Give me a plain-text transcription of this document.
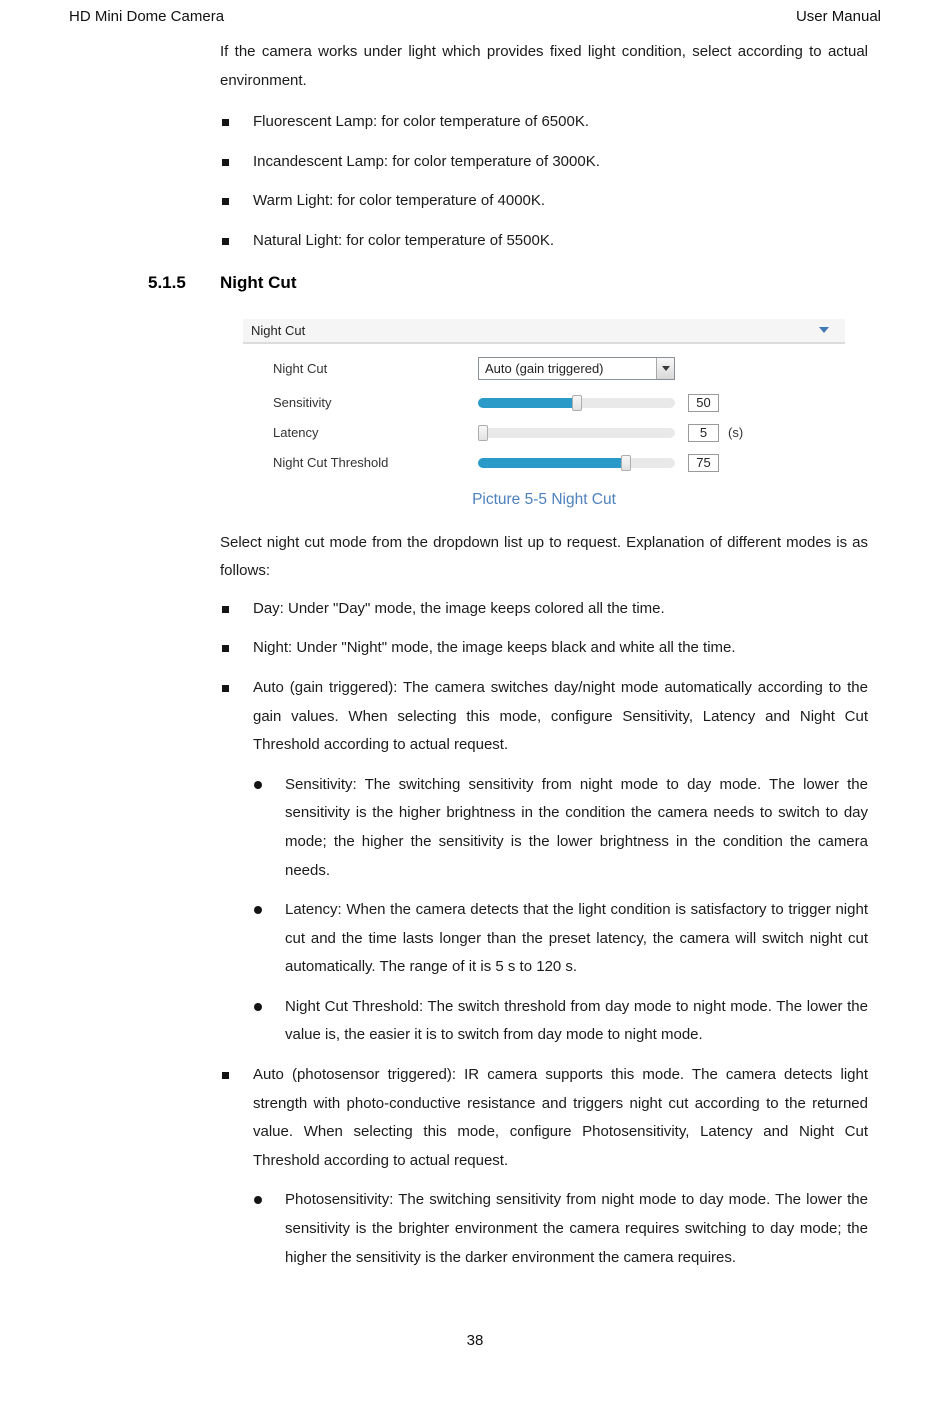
HD Mini Dome Camera	User Manual

If the camera works under light which provides fixed light condition, select according to actual environment.

Fluorescent Lamp: for color temperature of 6500K.
Incandescent Lamp: for color temperature of 3000K.
Warm Light: for color temperature of 4000K.
Natural Light: for color temperature of 5500K.
5.1.5	Night Cut
Night Cut
Night Cut	Auto (gain triggered)
Sensitivity	50
Latency	5	(s)
Night Cut Threshold	75
Picture 5-5 Night Cut

Select night cut mode from the dropdown list up to request. Explanation of different modes is as follows:

Day: Under "Day" mode, the image keeps colored all the time.
Night: Under "Night" mode, the image keeps black and white all the time.
Auto (gain triggered): The camera switches day/night mode automatically according to the gain values. When selecting this mode, configure Sensitivity, Latency and Night Cut Threshold according to actual request.
Sensitivity: The switching sensitivity from night mode to day mode. The lower the sensitivity is the higher brightness in the condition the camera needs to switch to day mode; the higher the sensitivity is the lower brightness in the condition the camera needs.
Latency: When the camera detects that the light condition is satisfactory to trigger night cut and the time lasts longer than the preset latency, the camera will switch night cut automatically. The range of it is 5 s to 120 s.
Night Cut Threshold: The switch threshold from day mode to night mode. The lower the value is, the easier it is to switch from day mode to night mode.
Auto (photosensor triggered): IR camera supports this mode. The camera detects light strength with photo-conductive resistance and triggers night cut according to the returned value. When selecting this mode, configure Photosensitivity, Latency and Night Cut Threshold according to actual request.
Photosensitivity: The switching sensitivity from night mode to day mode. The lower the sensitivity is the brighter environment the camera requires switching to day mode; the higher the sensitivity is the darker environment the camera requires.
38
